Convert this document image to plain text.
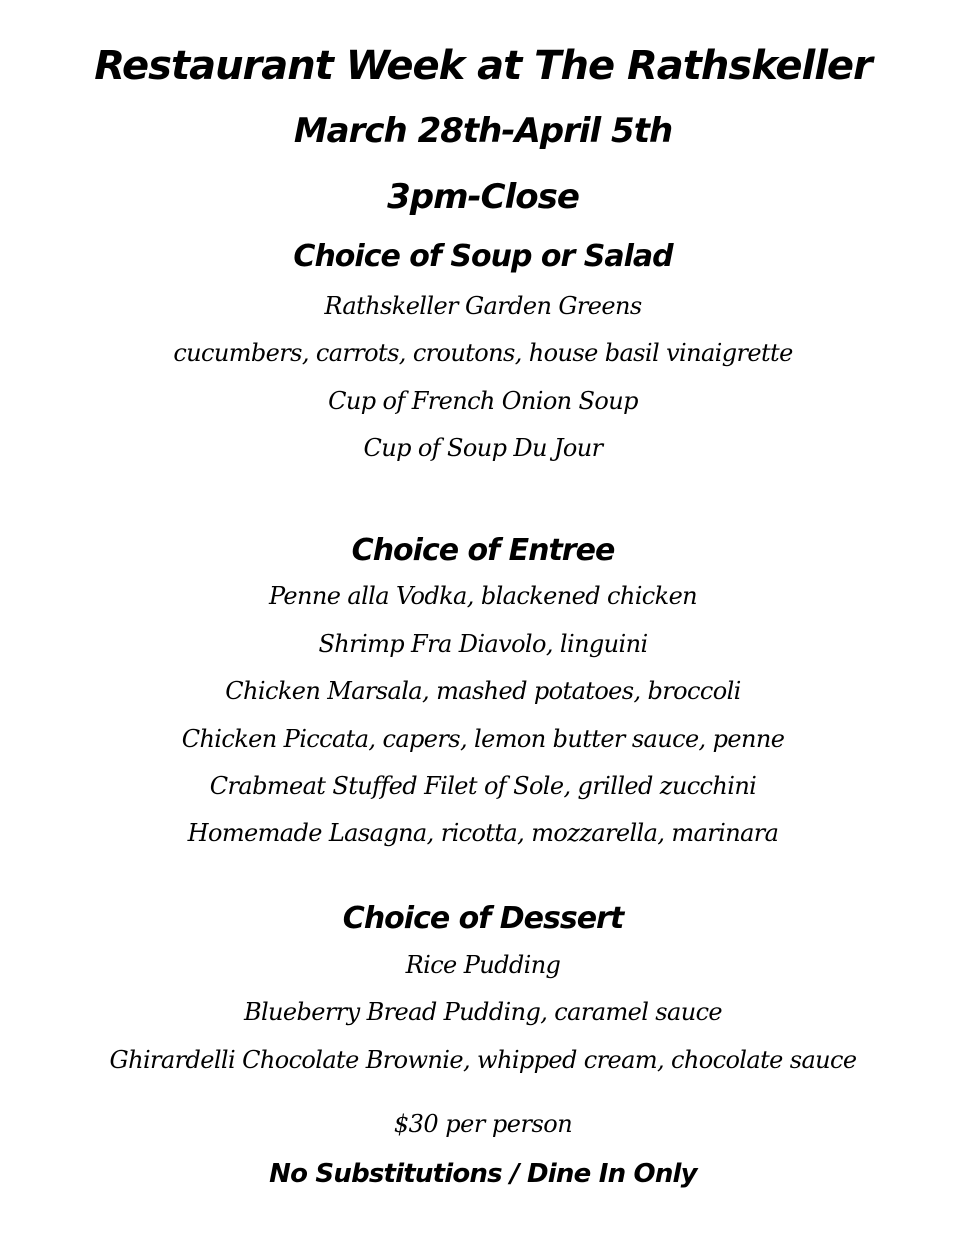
Restaurant Week at The Rathskeller
March 28th-April 5th
3pm-Close
Choice of Soup or Salad
Rathskeller Garden Greens
cucumbers, carrots, croutons, house basil vinaigrette
Cup of French Onion Soup
Cup of Soup Du Jour
Choice of Entree
Penne alla Vodka, blackened chicken
Shrimp Fra Diavolo, linguini
Chicken Marsala, mashed potatoes, broccoli
Chicken Piccata, capers, lemon butter sauce, penne
Crabmeat Stuffed Filet of Sole, grilled zucchini
Homemade Lasagna, ricotta, mozzarella, marinara
Choice of Dessert
Rice Pudding
Blueberry Bread Pudding, caramel sauce
Ghirardelli Chocolate Brownie, whipped cream, chocolate sauce
$30 per person
No Substitutions / Dine In Only
